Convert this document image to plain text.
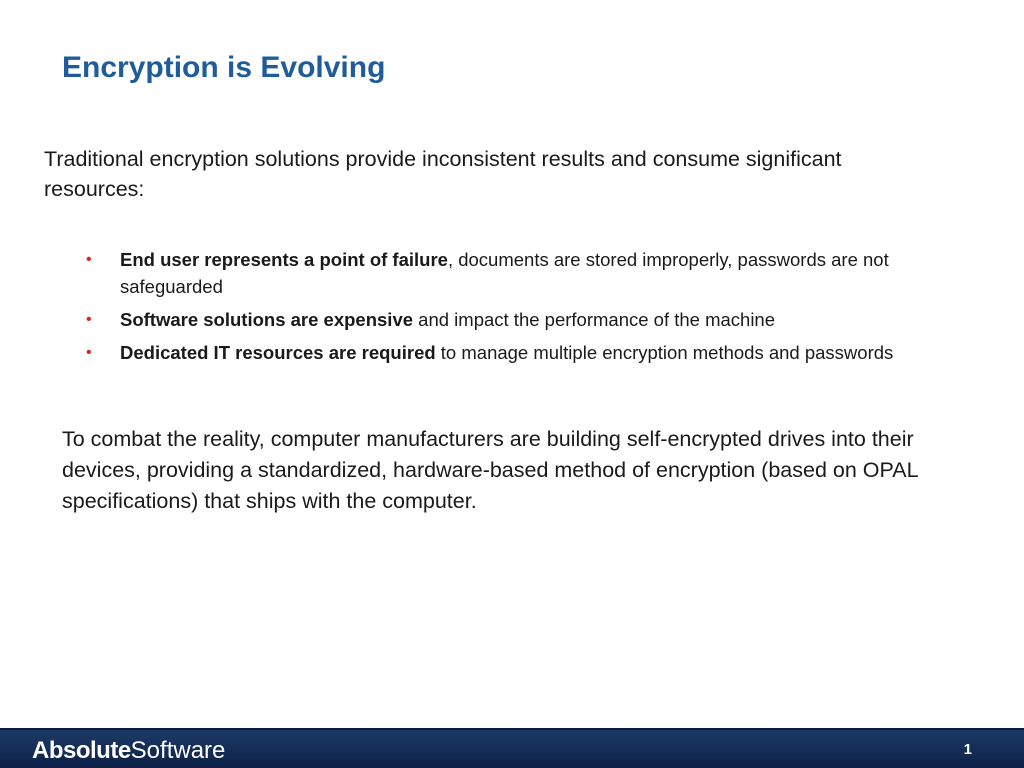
Encryption is Evolving

Traditional encryption solutions provide inconsistent results and consume significant resources:

• End user represents a point of failure, documents are stored improperly, passwords are not safeguarded
• Software solutions are expensive and impact the performance of the machine
• Dedicated IT resources are required to manage multiple encryption methods and passwords

To combat the reality, computer manufacturers are building self-encrypted drives into their devices, providing a standardized, hardware-based method of encryption (based on OPAL specifications) that ships with the computer.

AbsoluteSoftware	1
